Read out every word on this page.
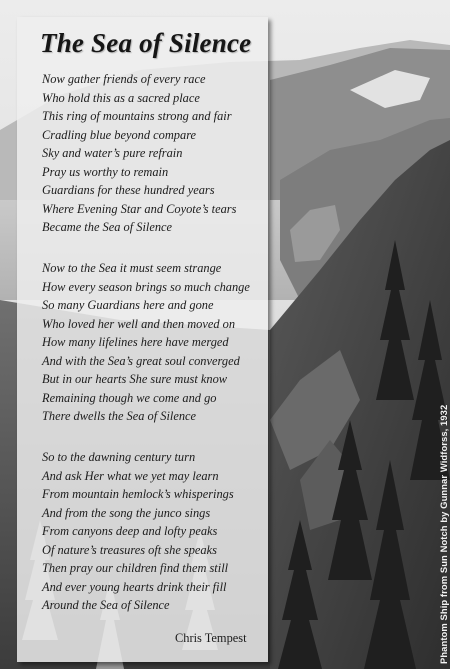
The Sea of Silence
Now gather friends of every race
Who hold this as a sacred place
This ring of mountains strong and fair
Cradling blue beyond compare
Sky and water’s pure refrain
Pray us worthy to remain
Guardians for these hundred years
Where Evening Star and Coyote’s tears
Became the Sea of Silence
Now to the Sea it must seem strange
How every season brings so much change
So many Guardians here and gone
Who loved her well and then moved on
How many lifelines here have merged
And with the Sea’s great soul converged
But in our hearts She sure must know
Remaining though we come and go
There dwells the Sea of Silence
So to the dawning century turn
And ask Her what we yet may learn
From mountain hemlock’s whisperings
And from the song the junco sings
From canyons deep and lofty peaks
Of nature’s treasures oft she speaks
Then pray our children find them still
And ever young hearts drink their fill
Around the Sea of Silence
Chris Tempest	Phantom Ship from Sun Notch by Gunnar Widforss, 1932
